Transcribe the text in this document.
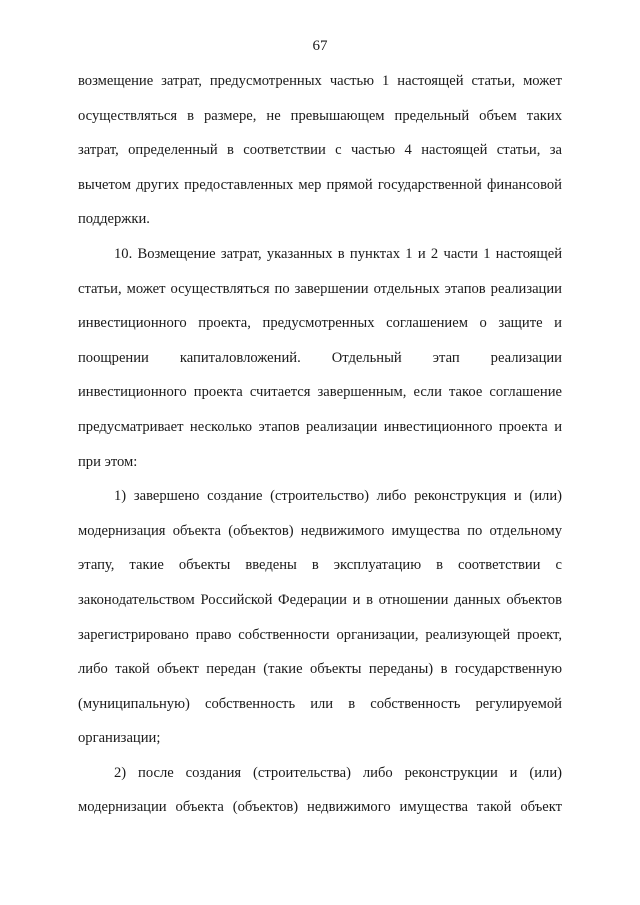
67

возмещение затрат, предусмотренных частью 1 настоящей статьи, может осуществляться в размере, не превышающем предельный объем таких затрат, определенный в соответствии с частью 4 настоящей статьи, за вычетом других предоставленных мер прямой государственной финансовой поддержки.

10. Возмещение затрат, указанных в пунктах 1 и 2 части 1 настоящей статьи, может осуществляться по завершении отдельных этапов реализации инвестиционного проекта, предусмотренных соглашением о защите и поощрении капиталовложений. Отдельный этап реализации инвестиционного проекта считается завершенным, если такое соглашение предусматривает несколько этапов реализации инвестиционного проекта и при этом:

1) завершено создание (строительство) либо реконструкция и (или) модернизация объекта (объектов) недвижимого имущества по отдельному этапу, такие объекты введены в эксплуатацию в соответствии с законодательством Российской Федерации и в отношении данных объектов зарегистрировано право собственности организации, реализующей проект, либо такой объект передан (такие объекты переданы) в государственную (муниципальную) собственность или в собственность регулируемой организации;

2) после создания (строительства) либо реконструкции и (или) модернизации объекта (объектов) недвижимого имущества такой объект
